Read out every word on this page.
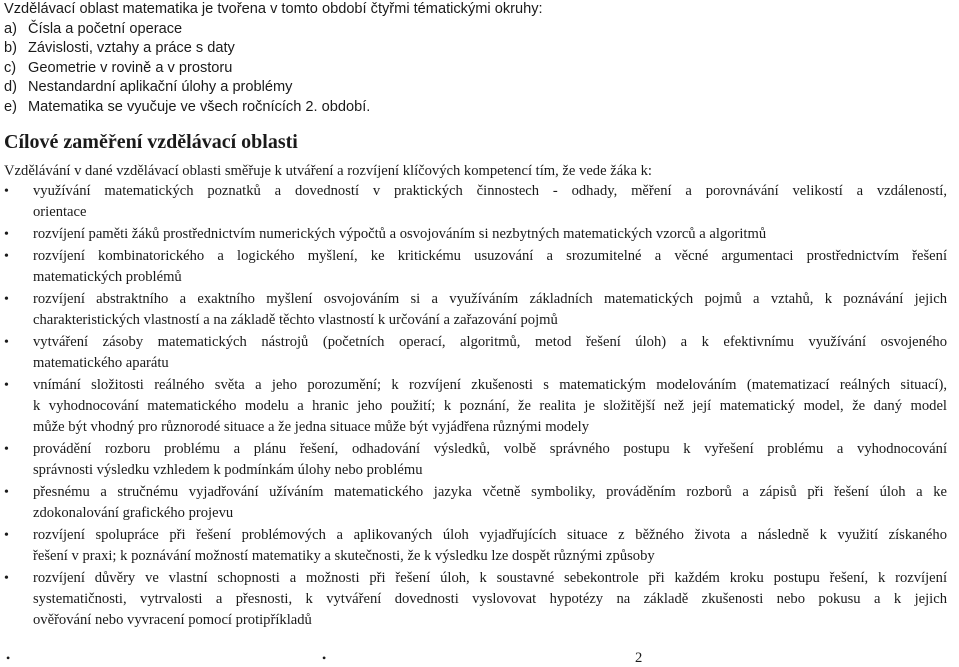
Vzdělávací oblast matematika je tvořena v tomto období čtyřmi tématickými okruhy:
a) Čísla a početní operace
b) Závislosti, vztahy a práce s daty
c) Geometrie v rovině a v prostoru
d) Nestandardní aplikační úlohy a problémy
e) Matematika se vyučuje ve všech ročnících 2. období.
Cílové zaměření vzdělávací oblasti
Vzdělávání v dané vzdělávací oblasti směřuje k utváření a rozvíjení klíčových kompetencí tím, že vede žáka k:
• využívání matematických poznatků a dovedností v praktických činnostech - odhady, měření a porovnávání velikostí a vzdáleností,
orientace
• rozvíjení paměti žáků prostřednictvím numerických výpočtů a osvojováním si nezbytných matematických vzorců a algoritmů
• rozvíjení kombinatorického a logického myšlení, ke kritickému usuzování a srozumitelné a věcné argumentaci prostřednictvím řešení
matematických problémů
• rozvíjení abstraktního a exaktního myšlení osvojováním si a využíváním základních matematických pojmů a vztahů, k poznávání jejich
charakteristických vlastností a na základě těchto vlastností k určování a zařazování pojmů
• vytváření zásoby matematických nástrojů (početních operací, algoritmů, metod řešení úloh) a k efektivnímu využívání osvojeného
matematického aparátu
• vnímání složitosti reálného světa a jeho porozumění; k rozvíjení zkušenosti s matematickým modelováním (matematizací reálných situací),
k vyhodnocování matematického modelu a hranic jeho použití; k poznání, že realita je složitější než její matematický model, že daný model
může být vhodný pro různorodé situace a že jedna situace může být vyjádřena různými modely
• provádění rozboru problému a plánu řešení, odhadování výsledků, volbě správného postupu k vyřešení problému a vyhodnocování
správnosti výsledku vzhledem k podmínkám úlohy nebo problému
• přesnému a stručnému vyjadřování užíváním matematického jazyka včetně symboliky, prováděním rozborů a zápisů při řešení úloh a ke
zdokonalování grafického projevu
• rozvíjení spolupráce při řešení problémových a aplikovaných úloh vyjadřujících situace z běžného života a následně k využití získaného
řešení v praxi; k poznávání možností matematiky a skutečnosti, že k výsledku lze dospět různými způsoby
• rozvíjení důvěry ve vlastní schopnosti a možnosti při řešení úloh, k soustavné sebekontrole při každém kroku postupu řešení, k rozvíjení
systematičnosti, vytrvalosti a přesnosti, k vytváření dovednosti vyslovovat hypotézy na základě zkušenosti nebo pokusu a k jejich
ověřování nebo vyvracení pomocí protipříkladů
•	•	2
